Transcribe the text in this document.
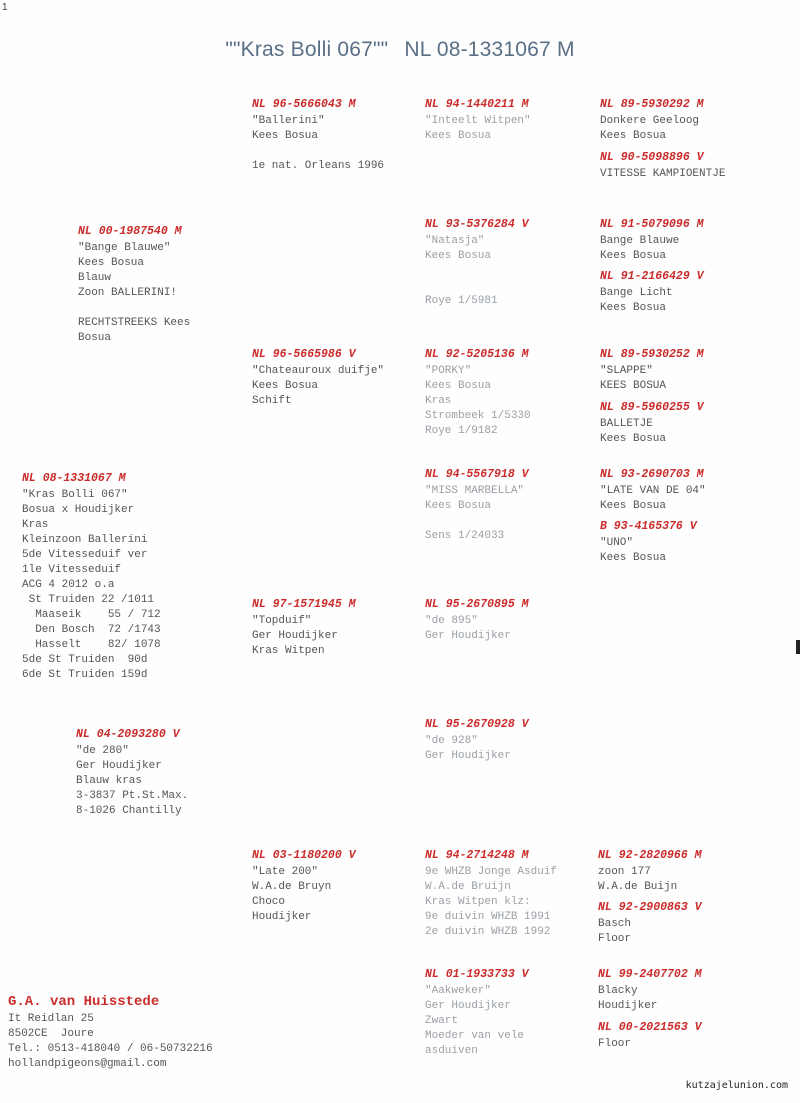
1
""Kras Bolli 067"" NL 08-1331067 M
NL 89-5930292 M
Donkere Geeloog
Kees Bosua
NL 90-5098896 V
VITESSE KAMPIOENTJE
NL 91-5079096 M
Bange Blauwe
Kees Bosua
NL 91-2166429 V
Bange Licht
Kees Bosua
NL 89-5930252 M
"SLAPPE"
KEES BOSUA
NL 89-5960255 V
BALLETJE
Kees Bosua
NL 93-2690703 M
"LATE VAN DE 04"
Kees Bosua
B 93-4165376 V
"UNO"
Kees Bosua
NL 92-2820966 M
zoon 177
W.A.de Buijn
NL 92-2900863 V
Basch
Floor
NL 99-2407702 M
Blacky
Houdijker
NL 00-2021563 V
Floor
NL 94-1440211 M
"Inteelt Witpen"
Kees Bosua
NL 93-5376284 V
"Natasja"
Kees Bosua

Roye 1/5981
NL 92-5205136 M
"PORKY"
Kees Bosua
Kras
Strombeek 1/5330
Roye 1/9182
NL 94-5567918 V
"MISS MARBELLA"
Kees Bosua

Sens 1/24033
NL 95-2670895 M
"de 895"
Ger Houdijker
NL 95-2670928 V
"de 928"
Ger Houdijker
NL 94-2714248 M
9e WHZB Jonge Asduif
W.A.de Bruijn
Kras Witpen klz:
9e duivin WHZB 1991
2e duivin WHZB 1992
NL 01-1933733 V
"Aakweker"
Ger Houdijker
Zwart
Moeder van vele
asduiven
NL 96-5666043 M
"Ballerini"
Kees Bosua

1e nat. Orleans 1996
NL 96-5665986 V
"Chateauroux duifje"
Kees Bosua
Schift
NL 97-1571945 M
"Topduif"
Ger Houdijker
Kras Witpen
NL 03-1180200 V
"Late 200"
W.A.de Bruyn
Choco
Houdijker
NL 00-1987540 M
"Bange Blauwe"
Kees Bosua
Blauw
Zoon BALLERINI!

RECHTSTREEKS Kees
Bosua
NL 04-2093280 V
"de 280"
Ger Houdijker
Blauw kras
3-3837 Pt.St.Max.
8-1026 Chantilly
NL 08-1331067 M
"Kras Bolli 067"
Bosua x Houdijker
Kras
Kleinzoon Ballerini
5de Vitesseduif ver
1le Vitesseduif
ACG 4 2012 o.a
St Truiden 22 /1011
Maaseik    55 / 712
Den Bosch  72 /1743
Hasselt    82/ 1078
5de St Truiden  90d
6de St Truiden 159d
G.A. van Huisstede
It Reidlan 25
8502CE  Joure
Tel.: 0513-418040 / 06-50732216
hollandpigeons@gmail.com
kutzajelunion.com
